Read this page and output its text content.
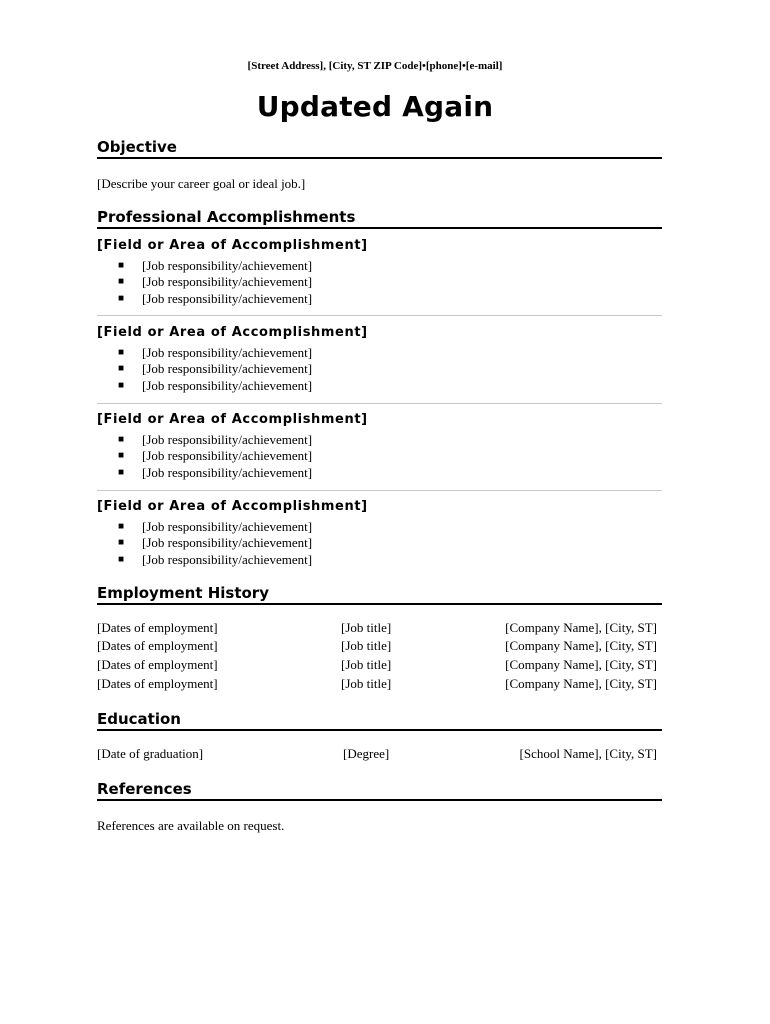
[Street Address], [City, ST ZIP Code]•[phone]•[e-mail]
Updated Again
Objective
[Describe your career goal or ideal job.]
Professional Accomplishments
[Field or Area of Accomplishment]
■ [Job responsibility/achievement]
■ [Job responsibility/achievement]
■ [Job responsibility/achievement]
[Field or Area of Accomplishment]
■ [Job responsibility/achievement]
■ [Job responsibility/achievement]
■ [Job responsibility/achievement]
[Field or Area of Accomplishment]
■ [Job responsibility/achievement]
■ [Job responsibility/achievement]
■ [Job responsibility/achievement]
[Field or Area of Accomplishment]
■ [Job responsibility/achievement]
■ [Job responsibility/achievement]
■ [Job responsibility/achievement]
Employment History
[Dates of employment]	[Job title]	[Company Name], [City, ST]
[Dates of employment]	[Job title]	[Company Name], [City, ST]
[Dates of employment]	[Job title]	[Company Name], [City, ST]
[Dates of employment]	[Job title]	[Company Name], [City, ST]
Education
[Date of graduation]	[Degree]	[School Name], [City, ST]
References
References are available on request.
